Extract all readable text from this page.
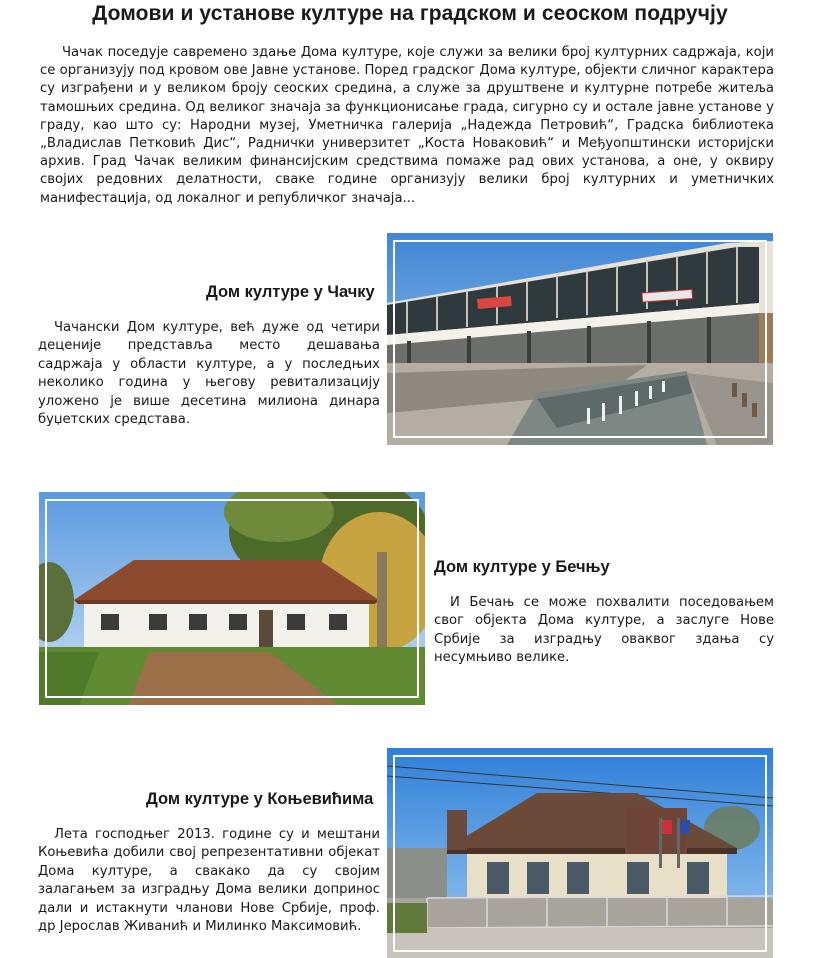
Домови и установе културе на градском и сеоском подручју

Чачак поседује савремено здање Дома културе, које служи за велики број културних садржаја, који се организују под кровом ове Јавне установе. Поред градског Дома културе, објекти сличног карактера су изграђени и у великом броју сеоских средина, а служе за друштвене и културне потребе житеља тамошњих средина. Од великог значаја за функционисање града, сигурно су и остале јавне установе у граду, као што су: Народни музеј, Уметничка галерија „Надежда Петровић“, Градска библиотека „Владислав Петковић Дис“, Раднички универзитет „Коста Новаковић“ и Међуопштински историјски архив. Град Чачак великим финансијским средствима помаже рад ових установа, а оне, у оквиру својих редовних делатности, сваке године организују велики број културних и уметничких манифестација, од локалног и републичког значаја...

Дом културе у Чачку

Чачански Дом културе, већ дуже од четири деценије представља место дешавања садржаја у области културе, а у последњих неколико година у његову ревитализацију уложено је више десетина милиона динара буџетских средстава.

Дом културе у Бечњу

И Бечањ се може похвалити поседовањем свог објекта Дома културе, а заслуге Нове Србије за изградњу оваквог здања су несумњиво велике.

Дом културе у Коњевићима

Лета господњег 2013. године су и мештани Коњевића добили свој репрезентативни објекат Дома културе, а свакако да су својим залагањем за изградњу Дома велики допринос дали и истакнути чланови Нове Србије, проф. др Јерослав Живанић и Милинко Максимовић.
